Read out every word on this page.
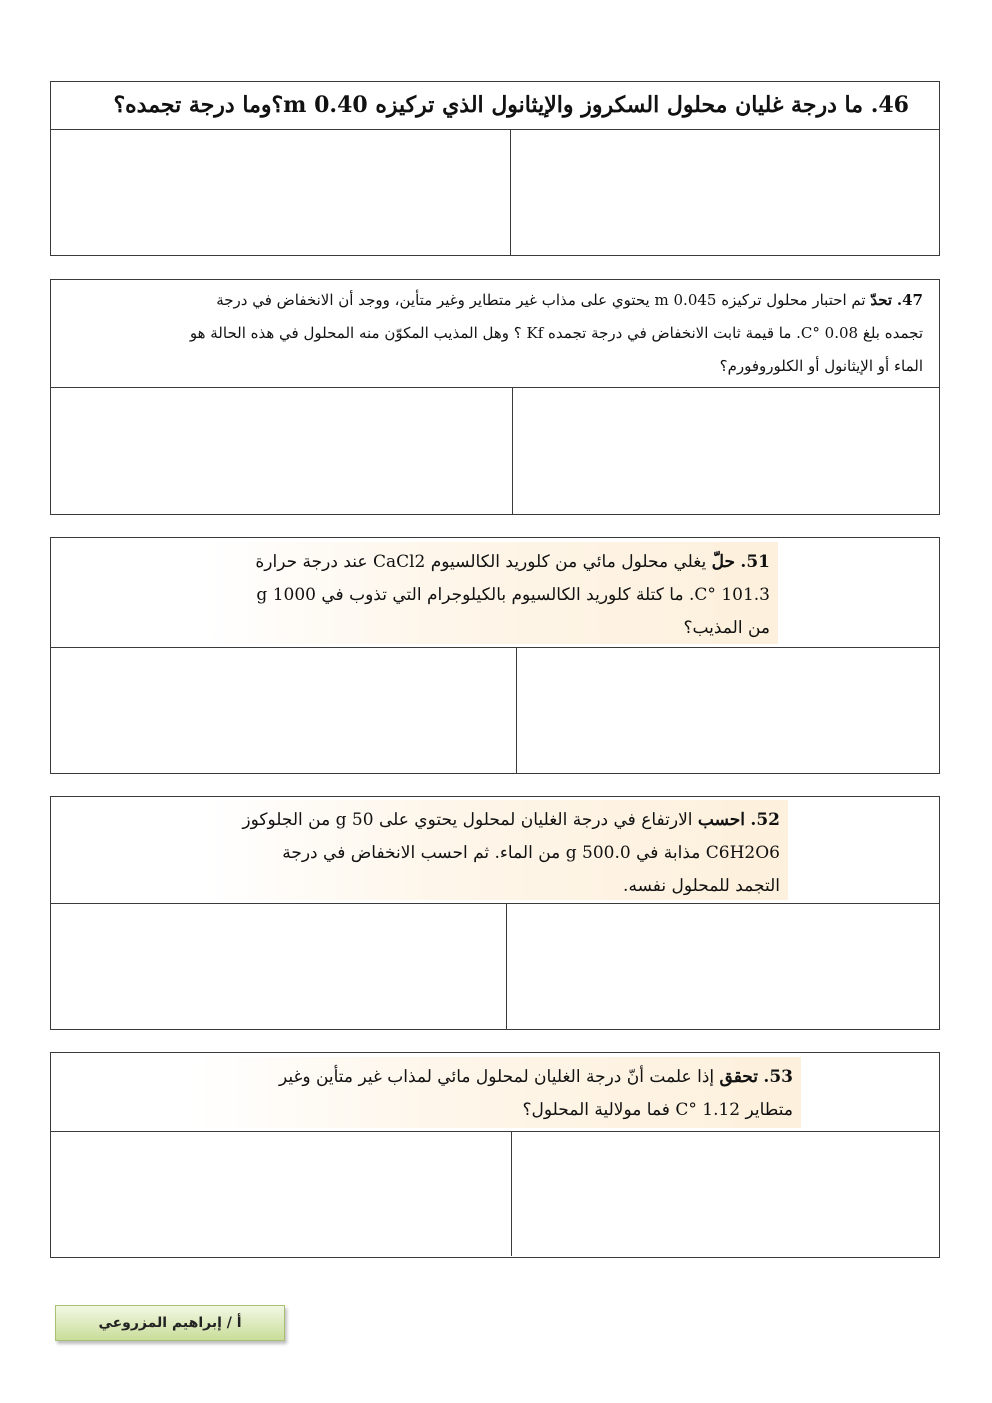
46. ما درجة غليان محلول السكروز والإيثانول الذي تركيزه 0.40 m؟وما درجة تجمده؟
47. تحدّ تم احتبار محلول تركيزه 0.045 m يحتوي على مذاب غير متطاير وغير متأين، ووجد أن الانخفاض في درجة
تجمده بلغ 0.08 °C. ما قيمة ثابت الانخفاض في درجة تجمده Kf ؟ وهل المذيب المكوّن منه المحلول في هذه الحالة هو
الماء أو الإيثانول أو الكلوروفورم؟
51. حلّ يغلي محلول مائي من كلوريد الكالسيوم CaCl2 عند درجة حرارة
101.3 °C. ما كتلة كلوريد الكالسيوم بالكيلوجرام التي تذوب في 1000 g
من المذيب؟
52. احسب الارتفاع في درجة الغليان لمحلول يحتوي على 50 g من الجلوكوز
C6H2O6 مذابة في 500.0 g من الماء. ثم احسب الانخفاض في درجة
التجمد للمحلول نفسه.
53. تحقق إذا علمت أنّ درجة الغليان لمحلول مائي لمذاب غير متأين وغير
متطاير 1.12 °C فما مولالية المحلول؟
أ / إبراهيم المزروعي
